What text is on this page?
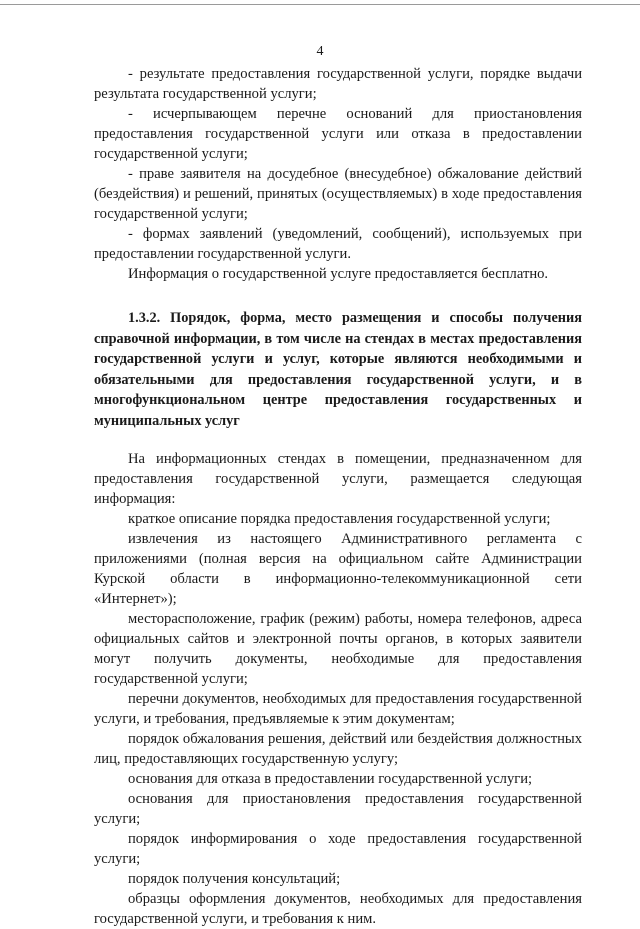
4

- результате предоставления государственной услуги, порядке выдачи результата государственной услуги;

- исчерпывающем перечне оснований для приостановления предоставления государственной услуги или отказа в предоставлении государственной услуги;

- праве заявителя на досудебное (внесудебное) обжалование действий (бездействия) и решений, принятых (осуществляемых) в ходе предоставления государственной услуги;

- формах заявлений (уведомлений, сообщений), используемых при предоставлении государственной услуги.

Информация о государственной услуге предоставляется бесплатно.

1.3.2. Порядок, форма, место размещения и способы получения справочной информации, в том числе на стендах в местах предоставления государственной услуги и услуг, которые являются необходимыми и обязательными для предоставления государственной услуги, и в многофункциональном центре предоставления государственных и муниципальных услуг

На информационных стендах в помещении, предназначенном для предоставления государственной услуги, размещается следующая информация:

краткое описание порядка предоставления государственной услуги;

извлечения из настоящего Административного регламента с приложениями (полная версия на официальном сайте Администрации Курской области в информационно-телекоммуникационной сети «Интернет»);

месторасположение, график (режим) работы, номера телефонов, адреса официальных сайтов и электронной почты органов, в которых заявители могут получить документы, необходимые для предоставления государственной услуги;

перечни документов, необходимых для предоставления государственной услуги, и требования, предъявляемые к этим документам;

порядок обжалования решения, действий или бездействия должностных лиц, предоставляющих государственную услугу;

основания для отказа в предоставлении государственной услуги;

основания для приостановления предоставления государственной услуги;

порядок информирования о ходе предоставления государственной услуги;

порядок получения консультаций;

образцы оформления документов, необходимых для предоставления государственной услуги, и требования к ним.
